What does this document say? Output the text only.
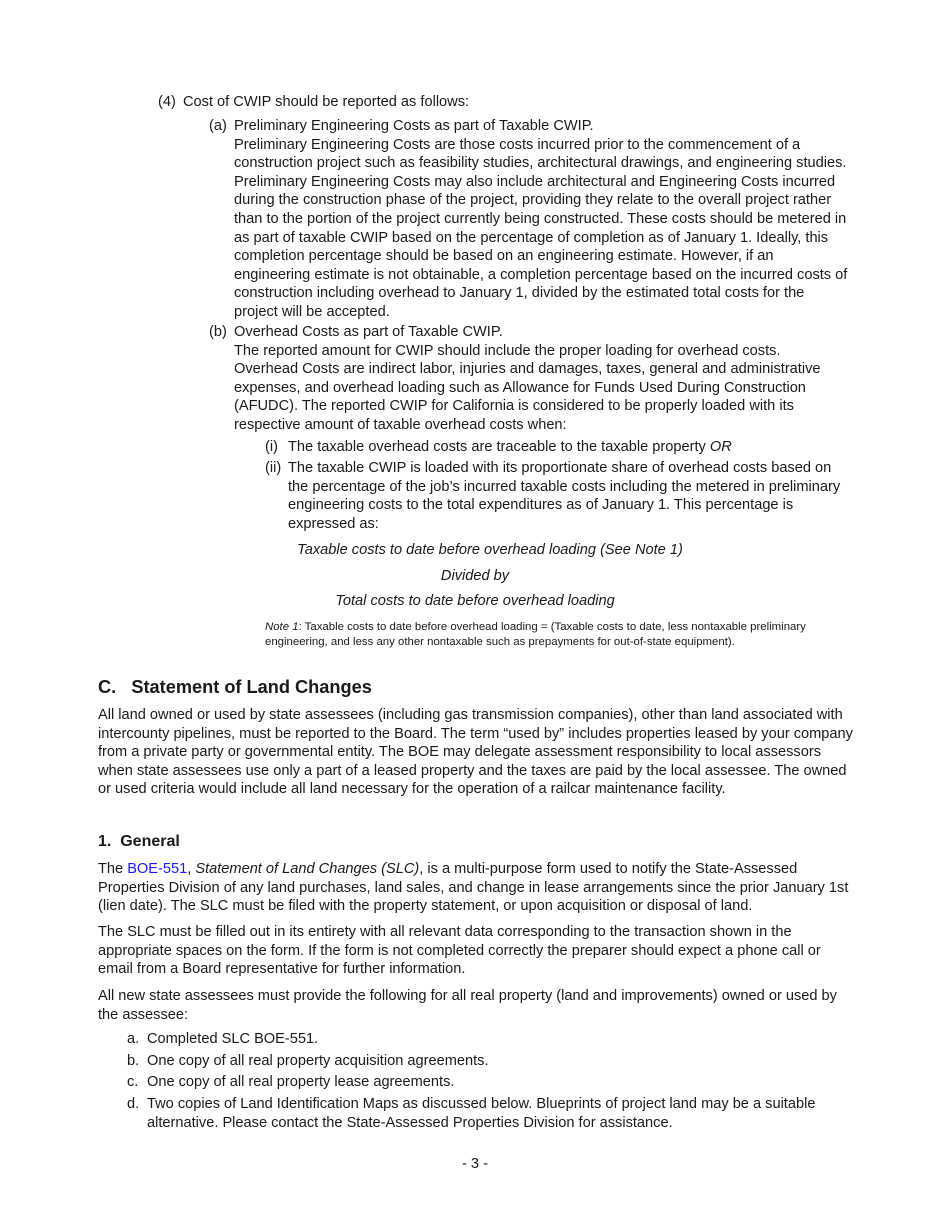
(4) Cost of CWIP should be reported as follows:
(a) Preliminary Engineering Costs as part of Taxable CWIP.

Preliminary Engineering Costs are those costs incurred prior to the commencement of a construction project such as feasibility studies, architectural drawings, and engineering studies. Preliminary Engineering Costs may also include architectural and Engineering Costs incurred during the construction phase of the project, providing they relate to the overall project rather than to the portion of the project currently being constructed. These costs should be metered in as part of taxable CWIP based on the percentage of completion as of January 1. Ideally, this completion percentage should be based on an engineering estimate. However, if an engineering estimate is not obtainable, a completion percentage based on the incurred costs of construction including overhead to January 1, divided by the estimated total costs for the project will be accepted.

(b) Overhead Costs as part of Taxable CWIP.

The reported amount for CWIP should include the proper loading for overhead costs. Overhead Costs are indirect labor, injuries and damages, taxes, general and administrative expenses, and overhead loading such as Allowance for Funds Used During Construction (AFUDC). The reported CWIP for California is considered to be properly loaded with its respective amount of taxable overhead costs when:

(i) The taxable overhead costs are traceable to the taxable property OR
(ii) The taxable CWIP is loaded with its proportionate share of overhead costs based on the percentage of the job’s incurred taxable costs including the metered in preliminary engineering costs to the total expenditures as of January 1. This percentage is expressed as:
Taxable costs to date before overhead loading (See Note 1)
Divided by
Total costs to date before overhead loading
Note 1: Taxable costs to date before overhead loading = (Taxable costs to date, less nontaxable preliminary engineering, and less any other nontaxable such as prepayments for out-of-state equipment).
C.   Statement of Land Changes
All land owned or used by state assessees (including gas transmission companies), other than land associated with intercounty pipelines, must be reported to the Board. The term “used by” includes properties leased by your company from a private party or governmental entity. The BOE may delegate assessment responsibility to local assessors when state assessees use only a part of a leased property and the taxes are paid by the local assessee. The owned or used criteria would include all land necessary for the operation of a railcar maintenance facility.
1.  General
The BOE-551, Statement of Land Changes (SLC), is a multi-purpose form used to notify the State-Assessed Properties Division of any land purchases, land sales, and change in lease arrangements since the prior January 1st (lien date). The SLC must be filed with the property statement, or upon acquisition or disposal of land.
The SLC must be filled out in its entirety with all relevant data corresponding to the transaction shown in the appropriate spaces on the form. If the form is not completed correctly the preparer should expect a phone call or email from a Board representative for further information.
All new state assessees must provide the following for all real property (land and improvements) owned or used by the assessee:
a. Completed SLC BOE-551.
b. One copy of all real property acquisition agreements.
c. One copy of all real property lease agreements.
d. Two copies of Land Identification Maps as discussed below. Blueprints of project land may be a suitable alternative. Please contact the State-Assessed Properties Division for assistance.
- 3 -
